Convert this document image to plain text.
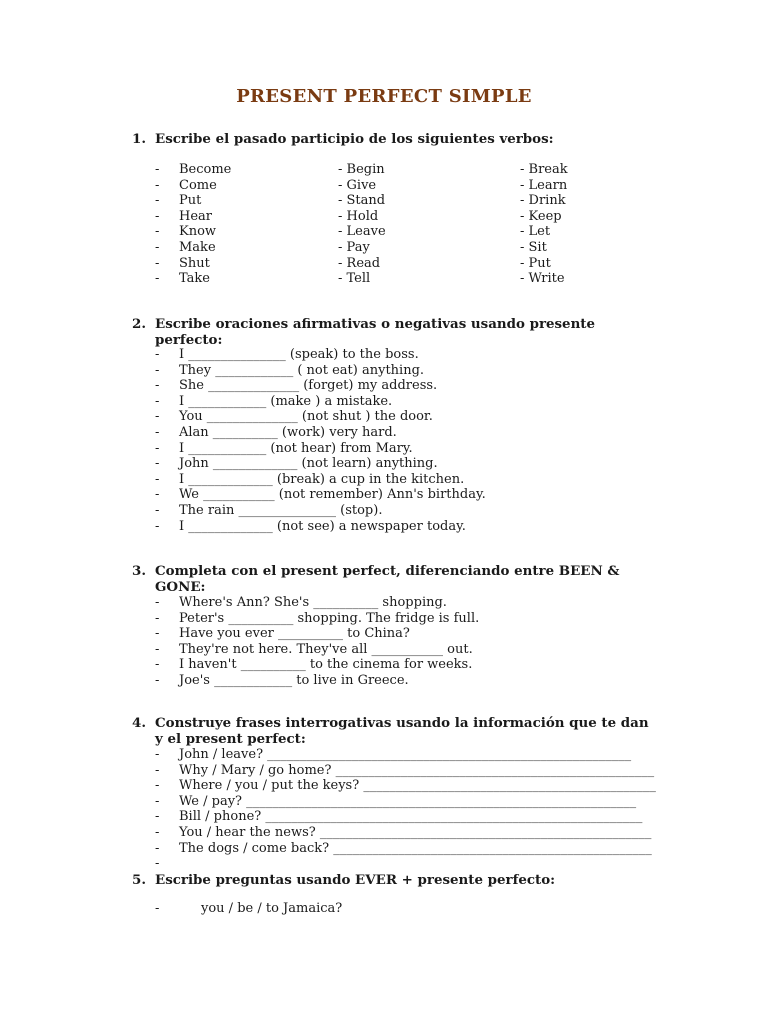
PRESENT PERFECT SIMPLE
1. Escribe el pasado participio de los siguientes verbos:
- Become
- Come
- Put
- Hear
- Know
- Make
- Shut
- Take
- Begin
- Give
- Stand
- Hold
- Leave
- Pay
- Read
- Tell
- Break
- Learn
- Drink
- Keep
- Let
- Sit
- Put
- Write
2. Escribe oraciones afirmativas o negativas usando presente perfecto:
- I _______________ (speak) to the boss.
- They ____________ ( not eat) anything.
- She ______________ (forget) my address.
- I ____________ (make ) a mistake.
- You ______________ (not shut ) the door.
- Alan __________ (work) very hard.
- I ____________ (not hear) from Mary.
- John _____________ (not learn) anything.
- I _____________ (break) a cup in the kitchen.
- We ___________ (not remember) Ann's birthday.
- The rain _______________ (stop).
- I _____________ (not see) a newspaper today.
3. Completa con el present perfect, diferenciando entre BEEN & GONE:
- Where's Ann? She's __________ shopping.
- Peter's __________ shopping. The fridge is full.
- Have you ever __________ to China?
- They're not here. They've all ___________ out.
- I haven't __________ to the cinema for weeks.
- Joe's ____________ to live in Greece.
4. Construye frases interrogativas usando la información que te dan y el present perfect:
- John / leave? ________________________________________________________
- Why / Mary / go home? _________________________________________________
- Where / you / put the keys? _____________________________________________
- We / pay? ____________________________________________________________
- Bill / phone? __________________________________________________________
- You / hear the news? ___________________________________________________
- The dogs / come back? _________________________________________________
-
5. Escribe preguntas usando EVER + presente perfecto:
-	you / be / to Jamaica?
